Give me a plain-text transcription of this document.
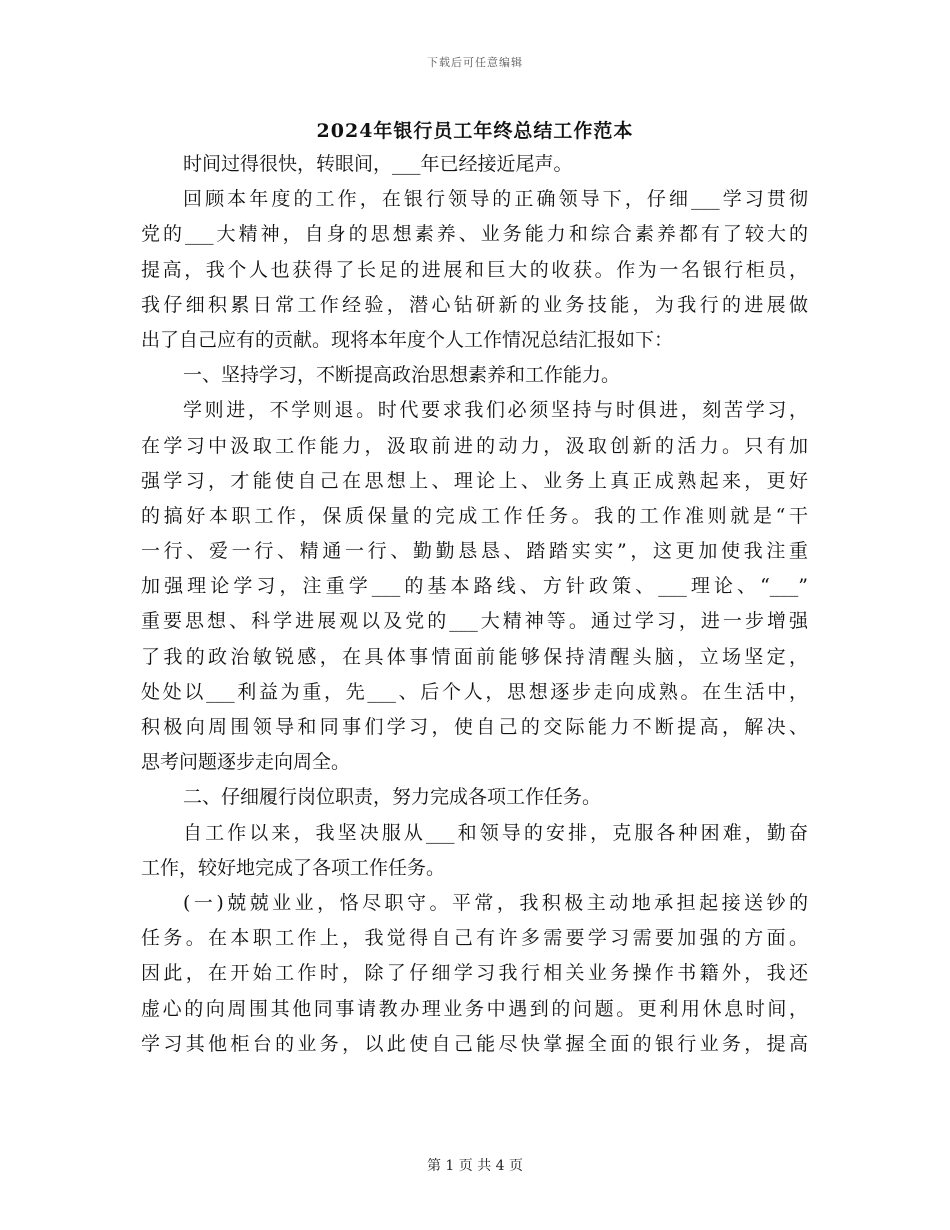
下载后可任意编辑
2024年银行员工年终总结工作范本
时间过得很快，转眼间，___年已经接近尾声。
回顾本年度的工作，在银行领导的正确领导下，仔细___学习贯彻
党的___大精神，自身的思想素养、业务能力和综合素养都有了较大的
提高，我个人也获得了长足的进展和巨大的收获。作为一名银行柜员，
我仔细积累日常工作经验，潜心钻研新的业务技能，为我行的进展做
出了自己应有的贡献。现将本年度个人工作情况总结汇报如下：
一、坚持学习，不断提高政治思想素养和工作能力。
学则进，不学则退。时代要求我们必须坚持与时俱进，刻苦学习，
在学习中汲取工作能力，汲取前进的动力，汲取创新的活力。只有加
强学习，才能使自己在思想上、理论上、业务上真正成熟起来，更好
的搞好本职工作，保质保量的完成工作任务。我的工作准则就是“干
一行、爱一行、精通一行、勤勤恳恳、踏踏实实”，这更加使我注重
加强理论学习，注重学___的基本路线、方针政策、___理论、“___”
重要思想、科学进展观以及党的___大精神等。通过学习，进一步增强
了我的政治敏锐感，在具体事情面前能够保持清醒头脑，立场坚定，
处处以___利益为重，先___、后个人，思想逐步走向成熟。在生活中，
积极向周围领导和同事们学习，使自己的交际能力不断提高，解决、
思考问题逐步走向周全。
二、仔细履行岗位职责，努力完成各项工作任务。
自工作以来，我坚决服从___和领导的安排，克服各种困难，勤奋
工作，较好地完成了各项工作任务。
(一)兢兢业业，恪尽职守。平常，我积极主动地承担起接送钞的
任务。在本职工作上，我觉得自己有许多需要学习需要加强的方面。
因此，在开始工作时，除了仔细学习我行相关业务操作书籍外，我还
虚心的向周围其他同事请教办理业务中遇到的问题。更利用休息时间，
学习其他柜台的业务，以此使自己能尽快掌握全面的银行业务，提高
第 1 页 共 4 页
